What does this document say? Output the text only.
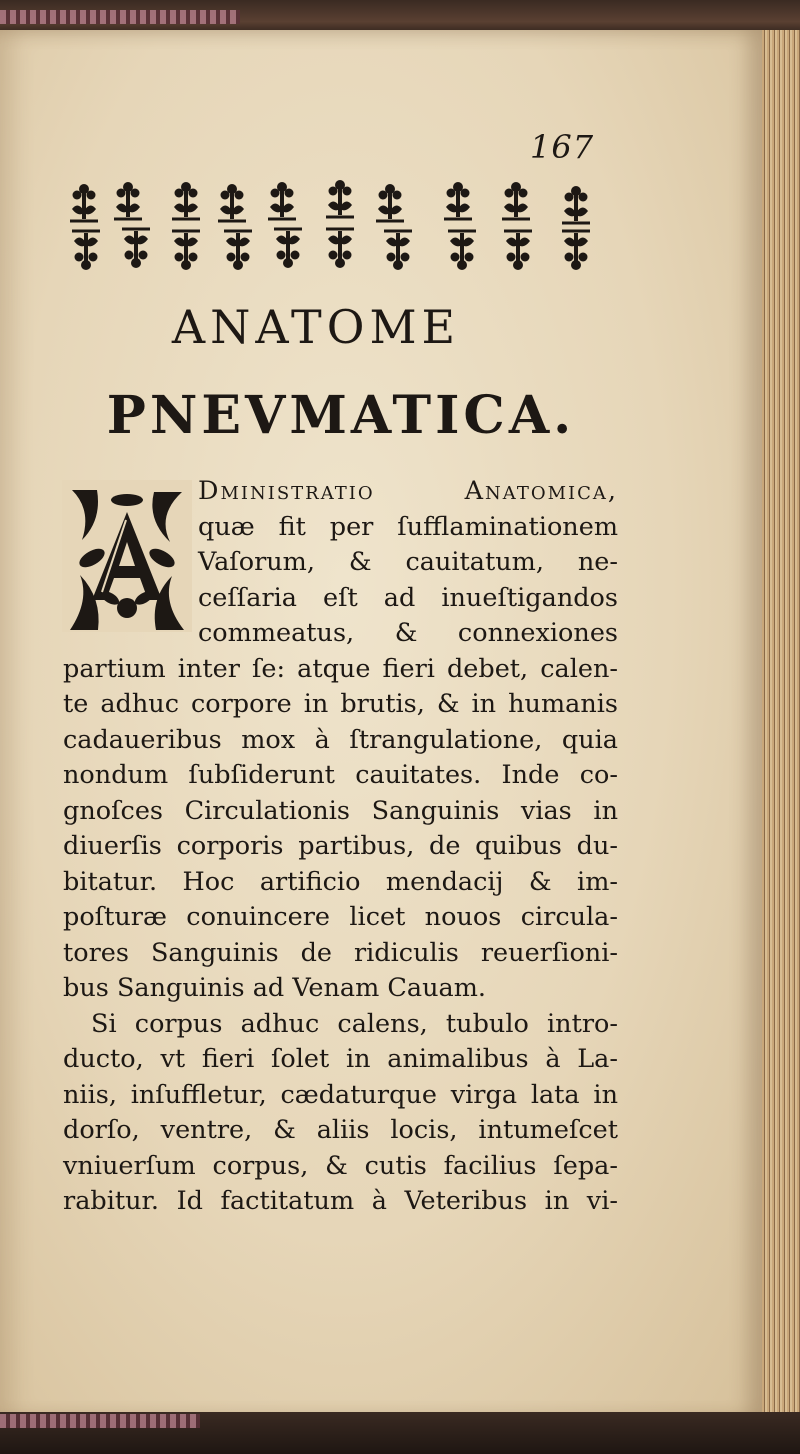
167
ANATOME
PNEVMATICA.
Dministratio Anatomica,
quæ fit per ſufflaminationem
Vaſorum, & cauitatum, ne-
ceſſaria eſt ad inueſtigandos
commeatus, & connexiones
partium inter ſe: atque fieri debet, calen-
te adhuc corpore in brutis, & in humanis
cadaueribus mox à ſtrangulatione, quia
nondum ſubſiderunt cauitates. Inde co-
gnoſces Circulationis Sanguinis vias in
diuerſis corporis partibus, de quibus du-
bitatur. Hoc artificio mendacij & im-
poſturæ conuincere licet nouos circula-
tores Sanguinis de ridiculis reuerſioni-
bus Sanguinis ad Venam Cauam.
Si corpus adhuc calens, tubulo intro-
ducto, vt fieri ſolet in animalibus à La-
niis, inſuffletur, cædaturque virga lata in
dorſo, ventre, & aliis locis, intumeſcet
vniuerſum corpus, & cutis facilius ſepa-
rabitur. Id factitatum à Veteribus in vi-
